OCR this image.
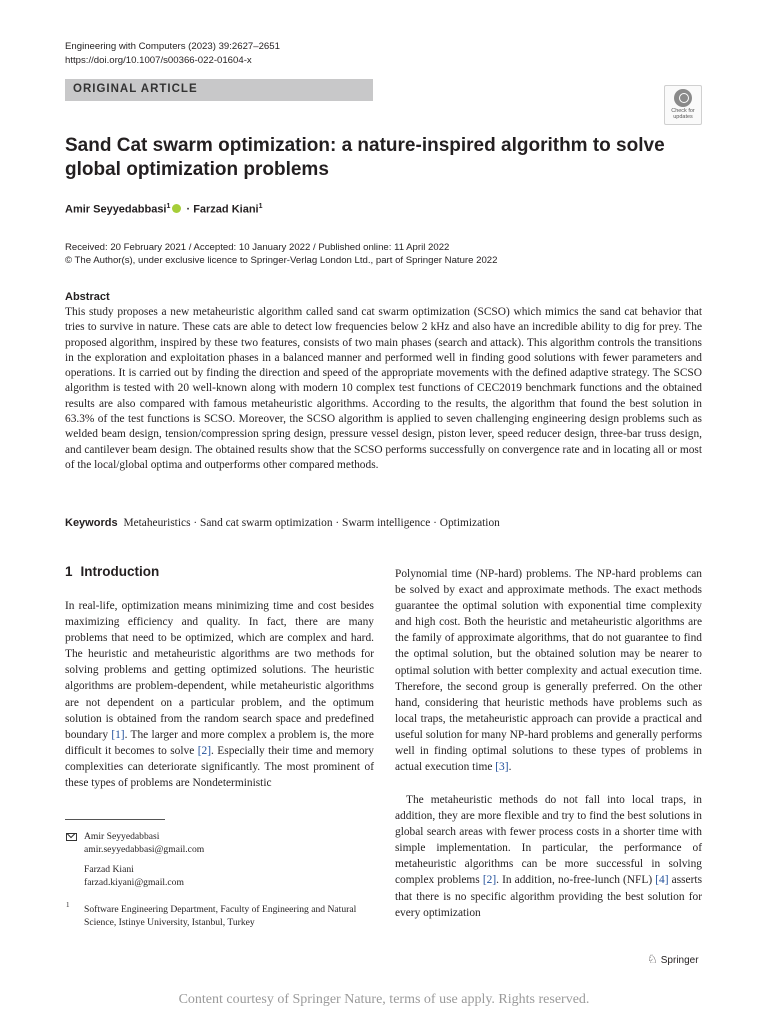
Engineering with Computers (2023) 39:2627–2651
https://doi.org/10.1007/s00366-022-01604-x
ORIGINAL ARTICLE
Check for updates
Sand Cat swarm optimization: a nature-inspired algorithm to solve global optimization problems
Amir Seyyedabbasi$^1$ · Farzad Kiani$^1$
Received: 20 February 2021 / Accepted: 10 January 2022 / Published online: 11 April 2022
© The Author(s), under exclusive licence to Springer-Verlag London Ltd., part of Springer Nature 2022
Abstract

This study proposes a new metaheuristic algorithm called sand cat swarm optimization (SCSO) which mimics the sand cat behavior that tries to survive in nature. These cats are able to detect low frequencies below 2 kHz and also have an incredible ability to dig for prey. The proposed algorithm, inspired by these two features, consists of two main phases (search and attack). This algorithm controls the transitions in the exploration and exploitation phases in a balanced manner and performed well in finding good solutions with fewer parameters and operations. It is carried out by finding the direction and speed of the appropriate movements with the defined adaptive strategy. The SCSO algorithm is tested with 20 well-known along with modern 10 complex test functions of CEC2019 benchmark functions and the obtained results are also compared with famous metaheuristic algorithms. According to the results, the algorithm that found the best solution in 63.3% of the test functions is SCSO. Moreover, the SCSO algorithm is applied to seven challenging engineering design problems such as welded beam design, tension/compression spring design, pressure vessel design, piston lever, speed reducer design, three-bar truss design, and cantilever beam design. The obtained results show that the SCSO performs successfully on convergence rate and in locating all or most of the local/global optima and outperforms other compared methods.

Keywords Metaheuristics · Sand cat swarm optimization · Swarm intelligence · Optimization
1 Introduction

In real-life, optimization means minimizing time and cost besides maximizing efficiency and quality. In fact, there are many problems that need to be optimized, which are complex and hard. The heuristic and metaheuristic algorithms are two methods for solving problems and getting optimized solutions. The heuristic algorithms are problem-dependent, while metaheuristic algorithms are not dependent on a particular problem, and the optimum solution is obtained from the random search space and predefined boundary [1]. The larger and more complex a problem is, the more difficult it becomes to solve [2]. Especially their time and memory complexities can deteriorate significantly. The most prominent of these types of problems are Nondeterministic

Polynomial time (NP-hard) problems. The NP-hard problems can be solved by exact and approximate methods. The exact methods guarantee the optimal solution with exponential time complexity and high cost. Both the heuristic and metaheuristic algorithms are the family of approximate algorithms, that do not guarantee to find the optimal solution, but the obtained solution may be nearer to optimal solution with better complexity and actual execution time. Therefore, the second group is generally preferred. On the other hand, considering that heuristic methods have problems such as local traps, the metaheuristic approach can provide a practical and useful solution for many NP-hard problems and generally performs well in finding optimal solutions to these types of problems in actual execution time [3].

The metaheuristic methods do not fall into local traps, in addition, they are more flexible and try to find the best solutions in global search areas with fewer process costs in a shorter time with simple implementation. In particular, the performance of metaheuristic algorithms can be more successful in solving complex problems [2]. In addition, no-free-lunch (NFL) [4] asserts that there is no specific algorithm providing the best solution for every optimization

Amir Seyyedabbasi
amir.seyyedabbasi@gmail.com
Farzad Kiani
farzad.kiyani@gmail.com
1 Software Engineering Department, Faculty of Engineering and Natural Science, Istinye University, Istanbul, Turkey
♘ Springer
Content courtesy of Springer Nature, terms of use apply. Rights reserved.
